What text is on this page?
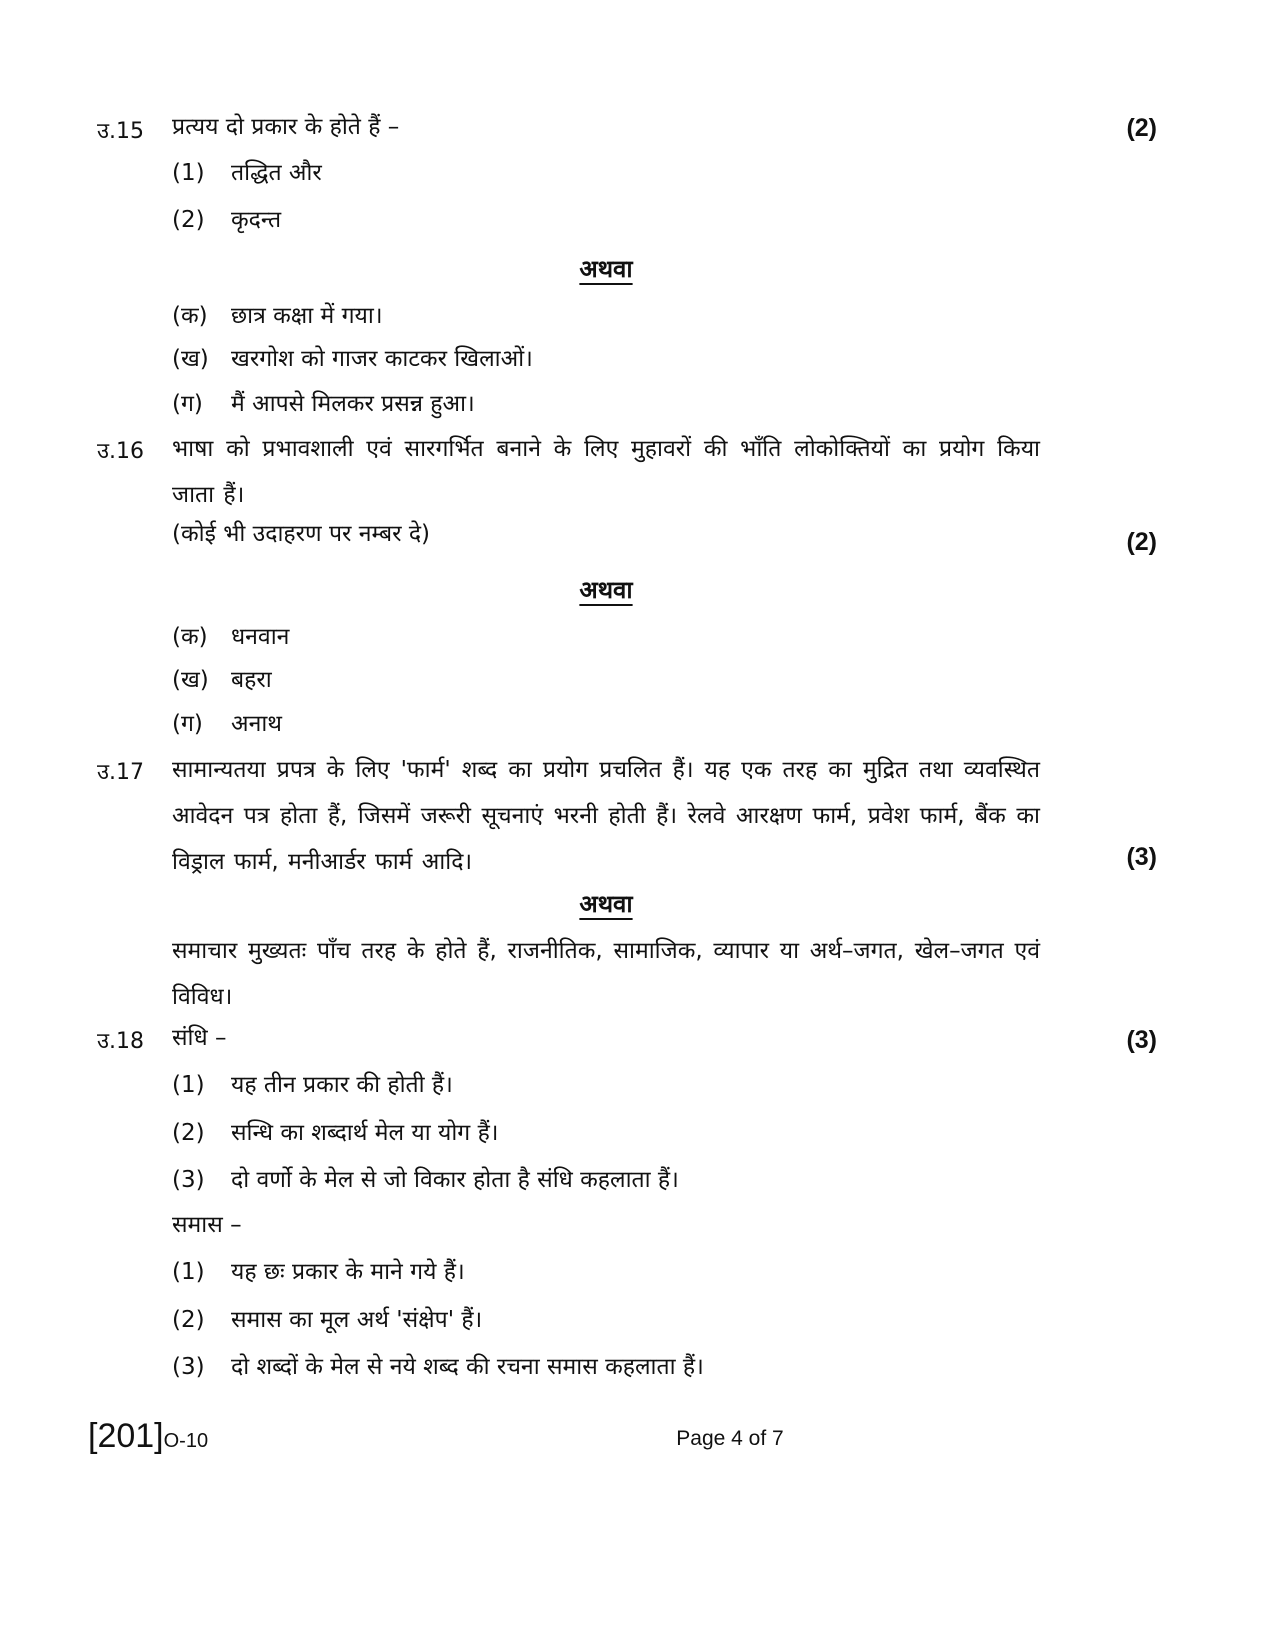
उ.15 प्रत्यय दो प्रकार के होते हैं –	(2)
(1) तद्धित और
(2) कृदन्त
अथवा
(क) छात्र कक्षा में गया।
(ख) खरगोश को गाजर काटकर खिलाओं।
(ग) मैं आपसे मिलकर प्रसन्न हुआ।
उ.16 भाषा को प्रभावशाली एवं सारगर्भित बनाने के लिए मुहावरों की भाँति लोकोक्तियों का प्रयोग किया जाता हैं।
(कोई भी उदाहरण पर नम्बर दे)	(2)
अथवा
(क) धनवान
(ख) बहरा
(ग) अनाथ
उ.17 सामान्यतया प्रपत्र के लिए 'फार्म' शब्द का प्रयोग प्रचलित हैं। यह एक तरह का मुद्रित तथा व्यवस्थित आवेदन पत्र होता हैं, जिसमें जरूरी सूचनाएं भरनी होती हैं। रेलवे आरक्षण फार्म, प्रवेश फार्म, बैंक का विड्राल फार्म, मनीआर्डर फार्म आदि।	(3)
अथवा
समाचार मुख्यतः पाँच तरह के होते हैं, राजनीतिक, सामाजिक, व्यापार या अर्थ–जगत, खेल–जगत एवं विविध।
उ.18 संधि –	(3)
(1) यह तीन प्रकार की होती हैं।
(2) सन्धि का शब्दार्थ मेल या योग हैं।
(3) दो वर्णो के मेल से जो विकार होता है संधि कहलाता हैं।
समास –
(1) यह छः प्रकार के माने गये हैं।
(2) समास का मूल अर्थ 'संक्षेप' हैं।
(3) दो शब्दों के मेल से नये शब्द की रचना समास कहलाता हैं।
[201]O-10	Page 4 of 7
